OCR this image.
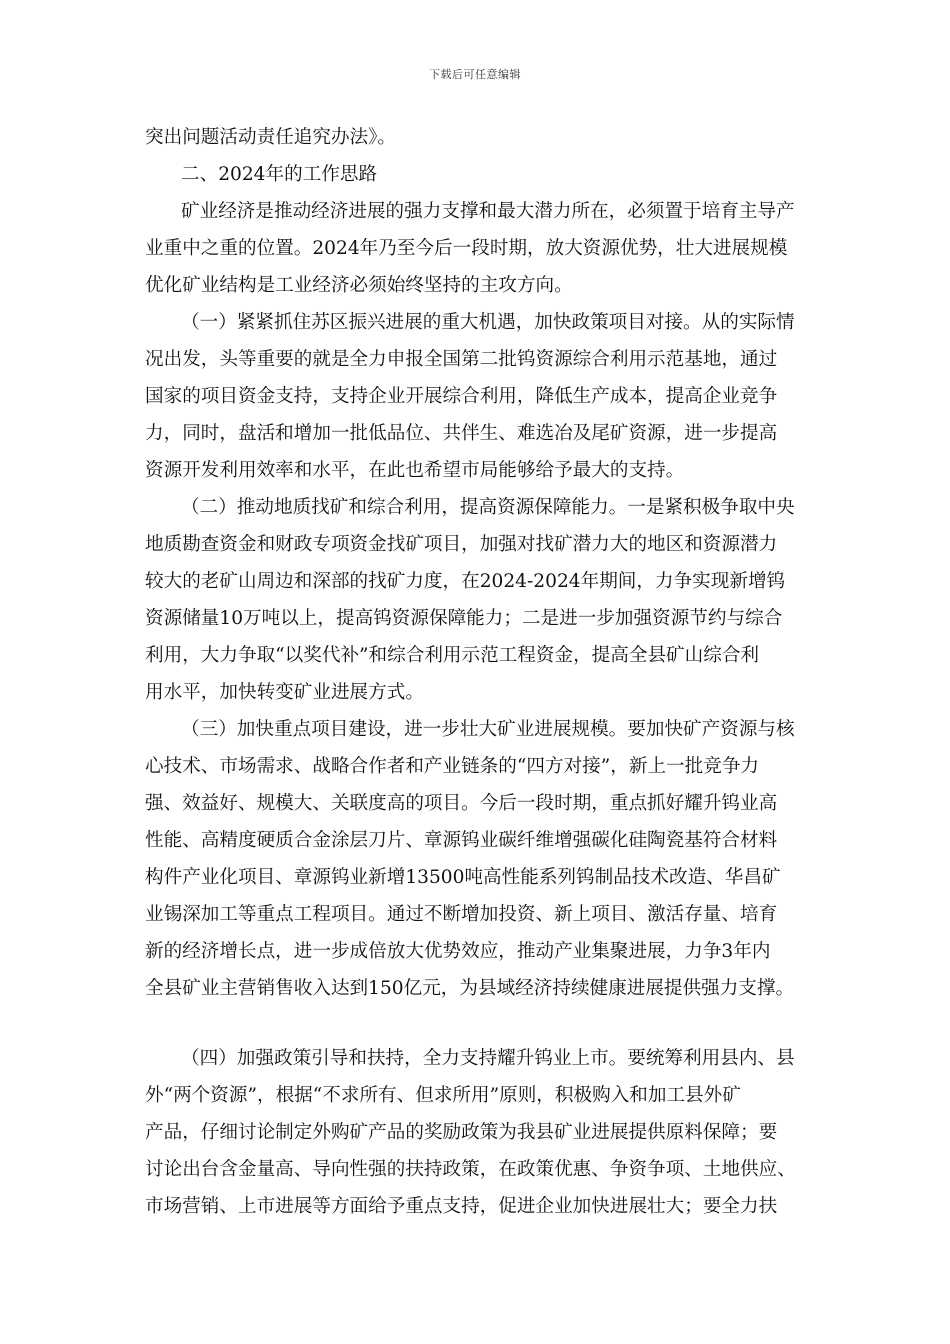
下载后可任意编辑
突出问题活动责任追究办法》。
二、2024年的工作思路
矿业经济是推动经济进展的强力支撑和最大潜力所在，必须置于培育主导产
业重中之重的位置。2024年乃至今后一段时期，放大资源优势，壮大进展规模
优化矿业结构是工业经济必须始终坚持的主攻方向。
（一）紧紧抓住苏区振兴进展的重大机遇，加快政策项目对接。从的实际情
况出发，头等重要的就是全力申报全国第二批钨资源综合利用示范基地，通过
国家的项目资金支持，支持企业开展综合利用，降低生产成本，提高企业竞争
力，同时，盘活和增加一批低品位、共伴生、难选冶及尾矿资源，进一步提高
资源开发利用效率和水平，在此也希望市局能够给予最大的支持。
（二）推动地质找矿和综合利用，提高资源保障能力。一是紧积极争取中央
地质勘查资金和财政专项资金找矿项目，加强对找矿潜力大的地区和资源潜力
较大的老矿山周边和深部的找矿力度，在2024-2024年期间，力争实现新增钨
资源储量10万吨以上，提高钨资源保障能力；二是进一步加强资源节约与综合
利用，大力争取“以奖代补”和综合利用示范工程资金，提高全县矿山综合利
用水平，加快转变矿业进展方式。
（三）加快重点项目建设，进一步壮大矿业进展规模。要加快矿产资源与核
心技术、市场需求、战略合作者和产业链条的“四方对接”，新上一批竞争力
强、效益好、规模大、关联度高的项目。今后一段时期，重点抓好耀升钨业高
性能、高精度硬质合金涂层刀片、章源钨业碳纤维增强碳化硅陶瓷基符合材料
构件产业化项目、章源钨业新增13500吨高性能系列钨制品技术改造、华昌矿
业锡深加工等重点工程项目。通过不断增加投资、新上项目、激活存量、培育
新的经济增长点，进一步成倍放大优势效应，推动产业集聚进展，力争3年内
全县矿业主营销售收入达到150亿元，为县域经济持续健康进展提供强力支撑。
（四）加强政策引导和扶持，全力支持耀升钨业上市。要统筹利用县内、县
外“两个资源”，根据“不求所有、但求所用”原则，积极购入和加工县外矿
产品，仔细讨论制定外购矿产品的奖励政策为我县矿业进展提供原料保障；要
讨论出台含金量高、导向性强的扶持政策，在政策优惠、争资争项、土地供应、
市场营销、上市进展等方面给予重点支持，促进企业加快进展壮大；要全力扶
